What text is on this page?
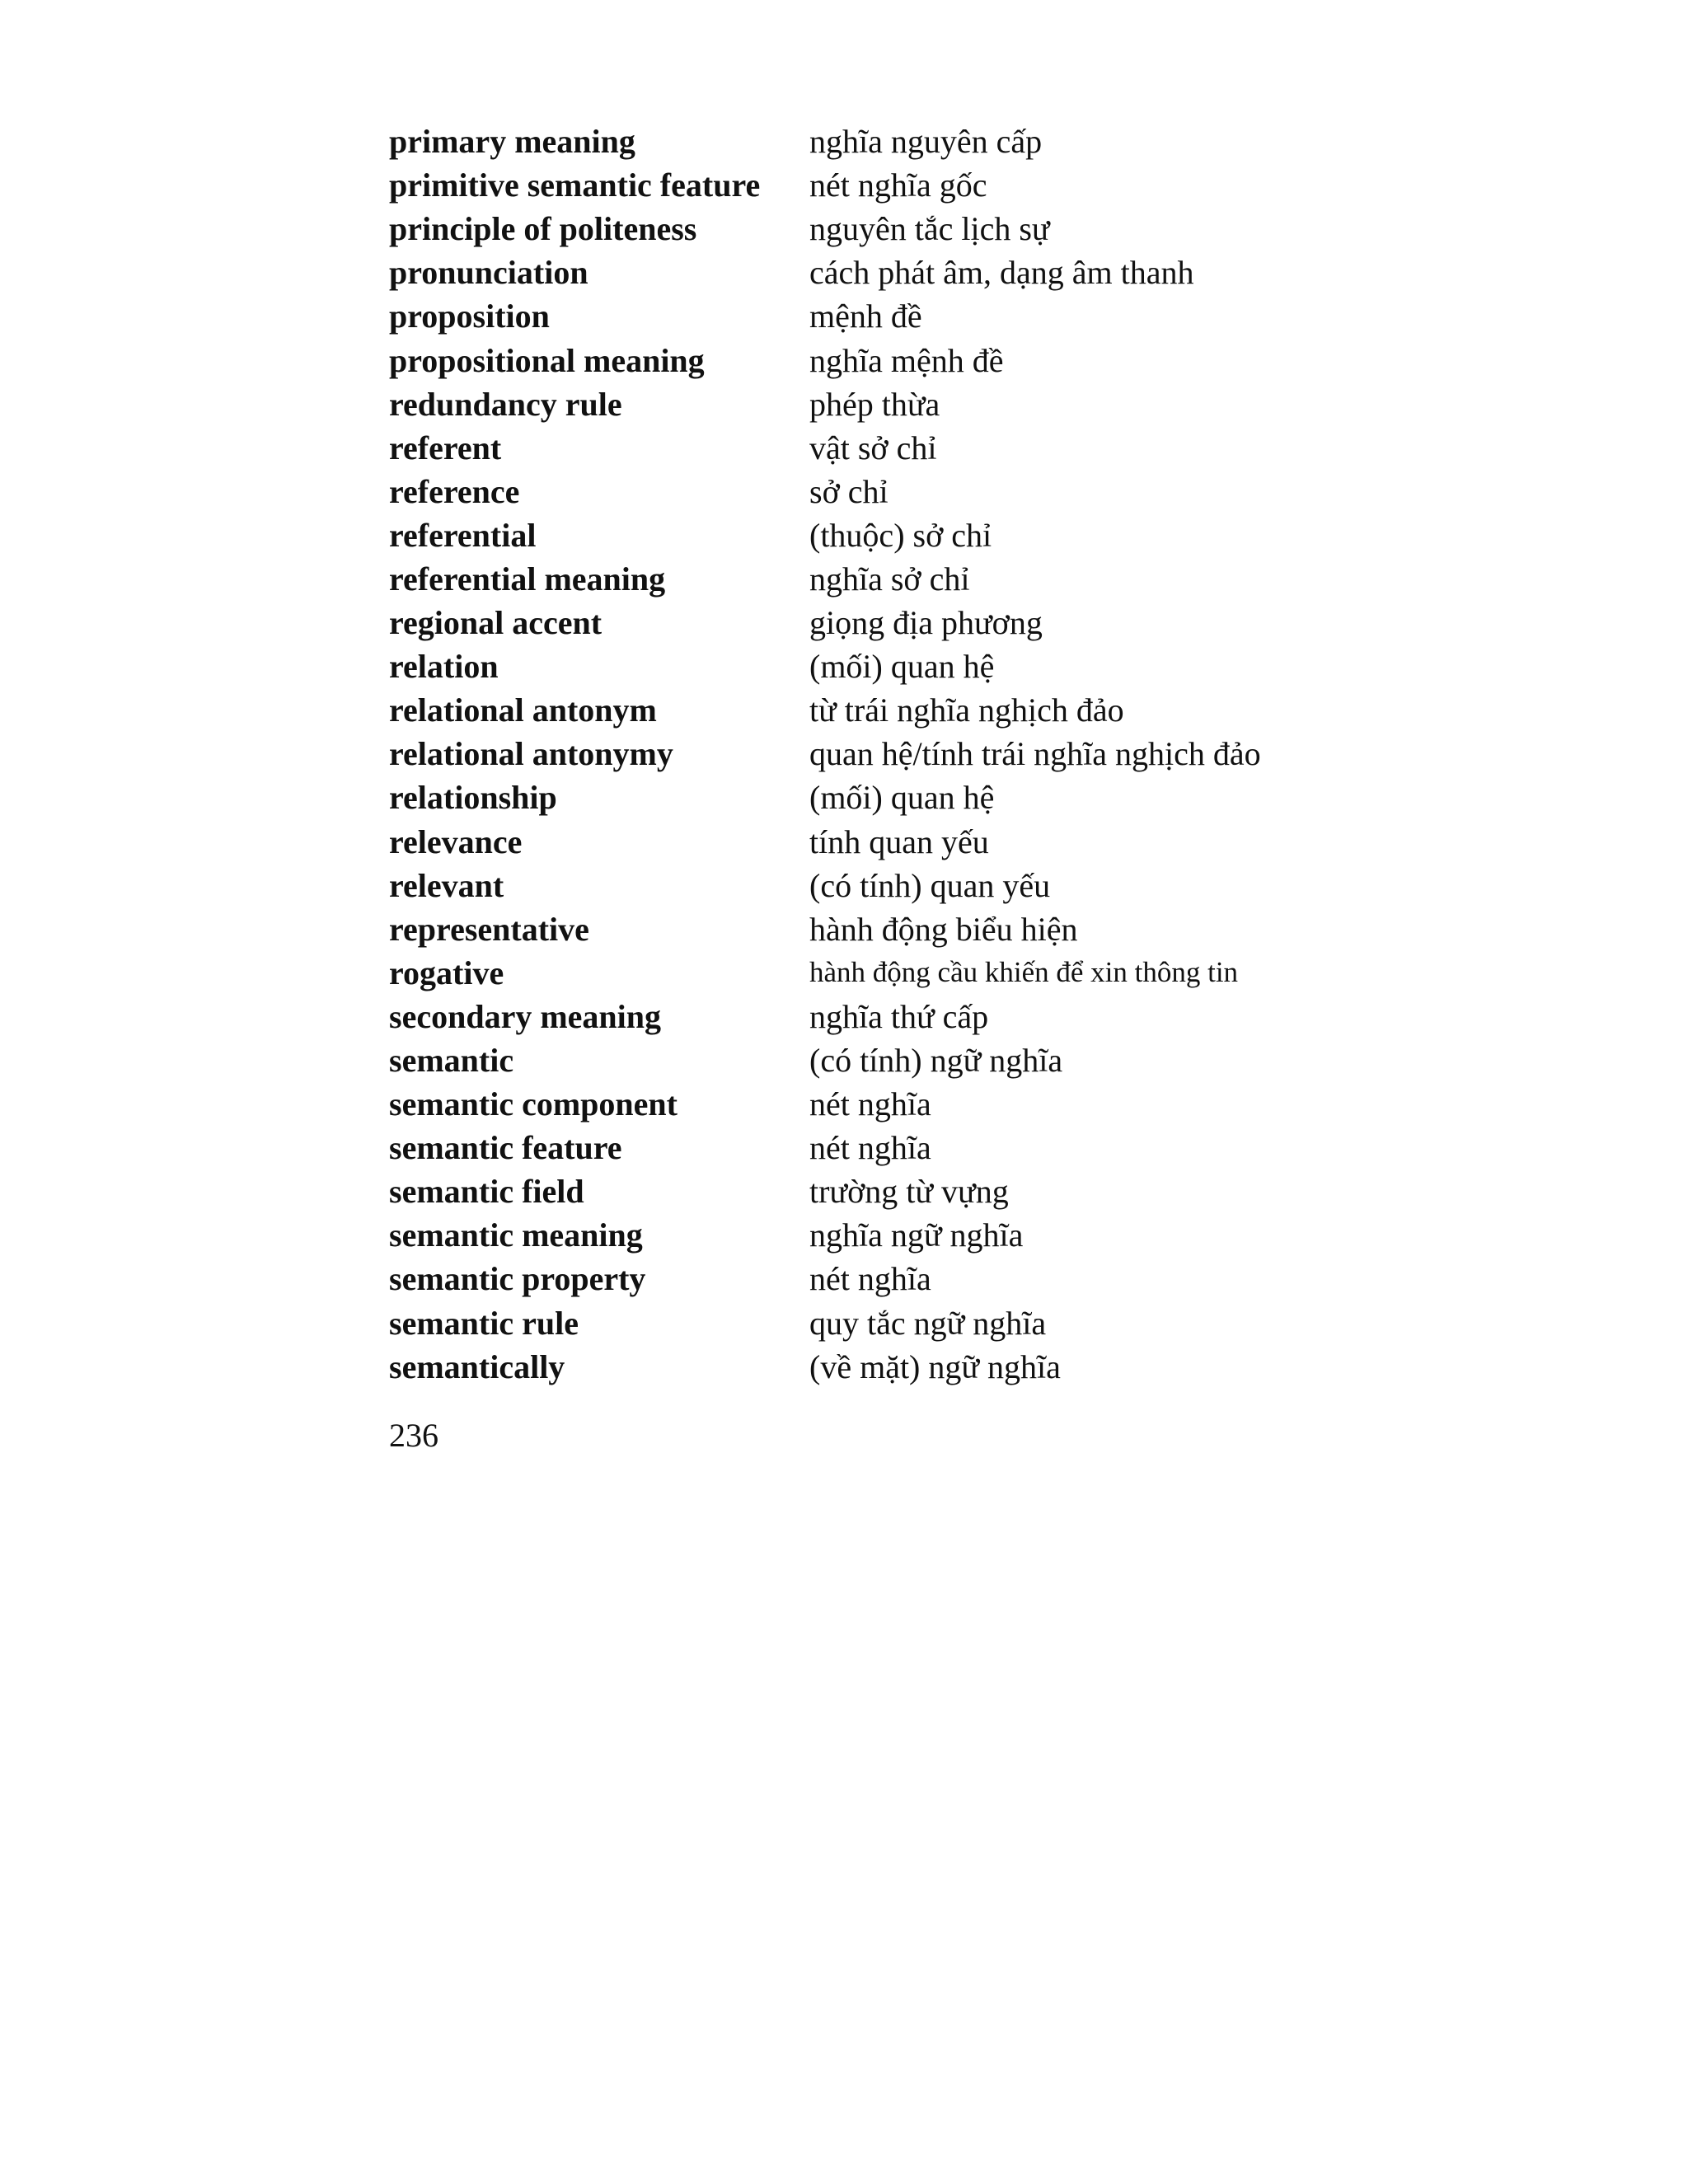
primary meaning	nghĩa nguyên cấp
primitive semantic feature	nét nghĩa gốc
principle of politeness	nguyên tắc lịch sự
pronunciation	cách phát âm, dạng âm thanh
proposition	mệnh đề
propositional meaning	nghĩa mệnh đề
redundancy rule	phép thừa
referent	vật sở chỉ
reference	sở chỉ
referential	(thuộc) sở chỉ
referential meaning	nghĩa sở chỉ
regional accent	giọng địa phương
relation	(mối) quan hệ
relational antonym	từ trái nghĩa nghịch đảo
relational antonymy	quan hệ/tính trái nghĩa nghịch đảo
relationship	(mối) quan hệ
relevance	tính quan yếu
relevant	(có tính) quan yếu
representative	hành động biểu hiện
rogative	hành động cầu khiến để xin thông tin
secondary meaning	nghĩa thứ cấp
semantic	(có tính) ngữ nghĩa
semantic component	nét nghĩa
semantic feature	nét nghĩa
semantic field	trường từ vựng
semantic meaning	nghĩa ngữ nghĩa
semantic property	nét nghĩa
semantic rule	quy tắc ngữ nghĩa
semantically	(về mặt) ngữ nghĩa
236
